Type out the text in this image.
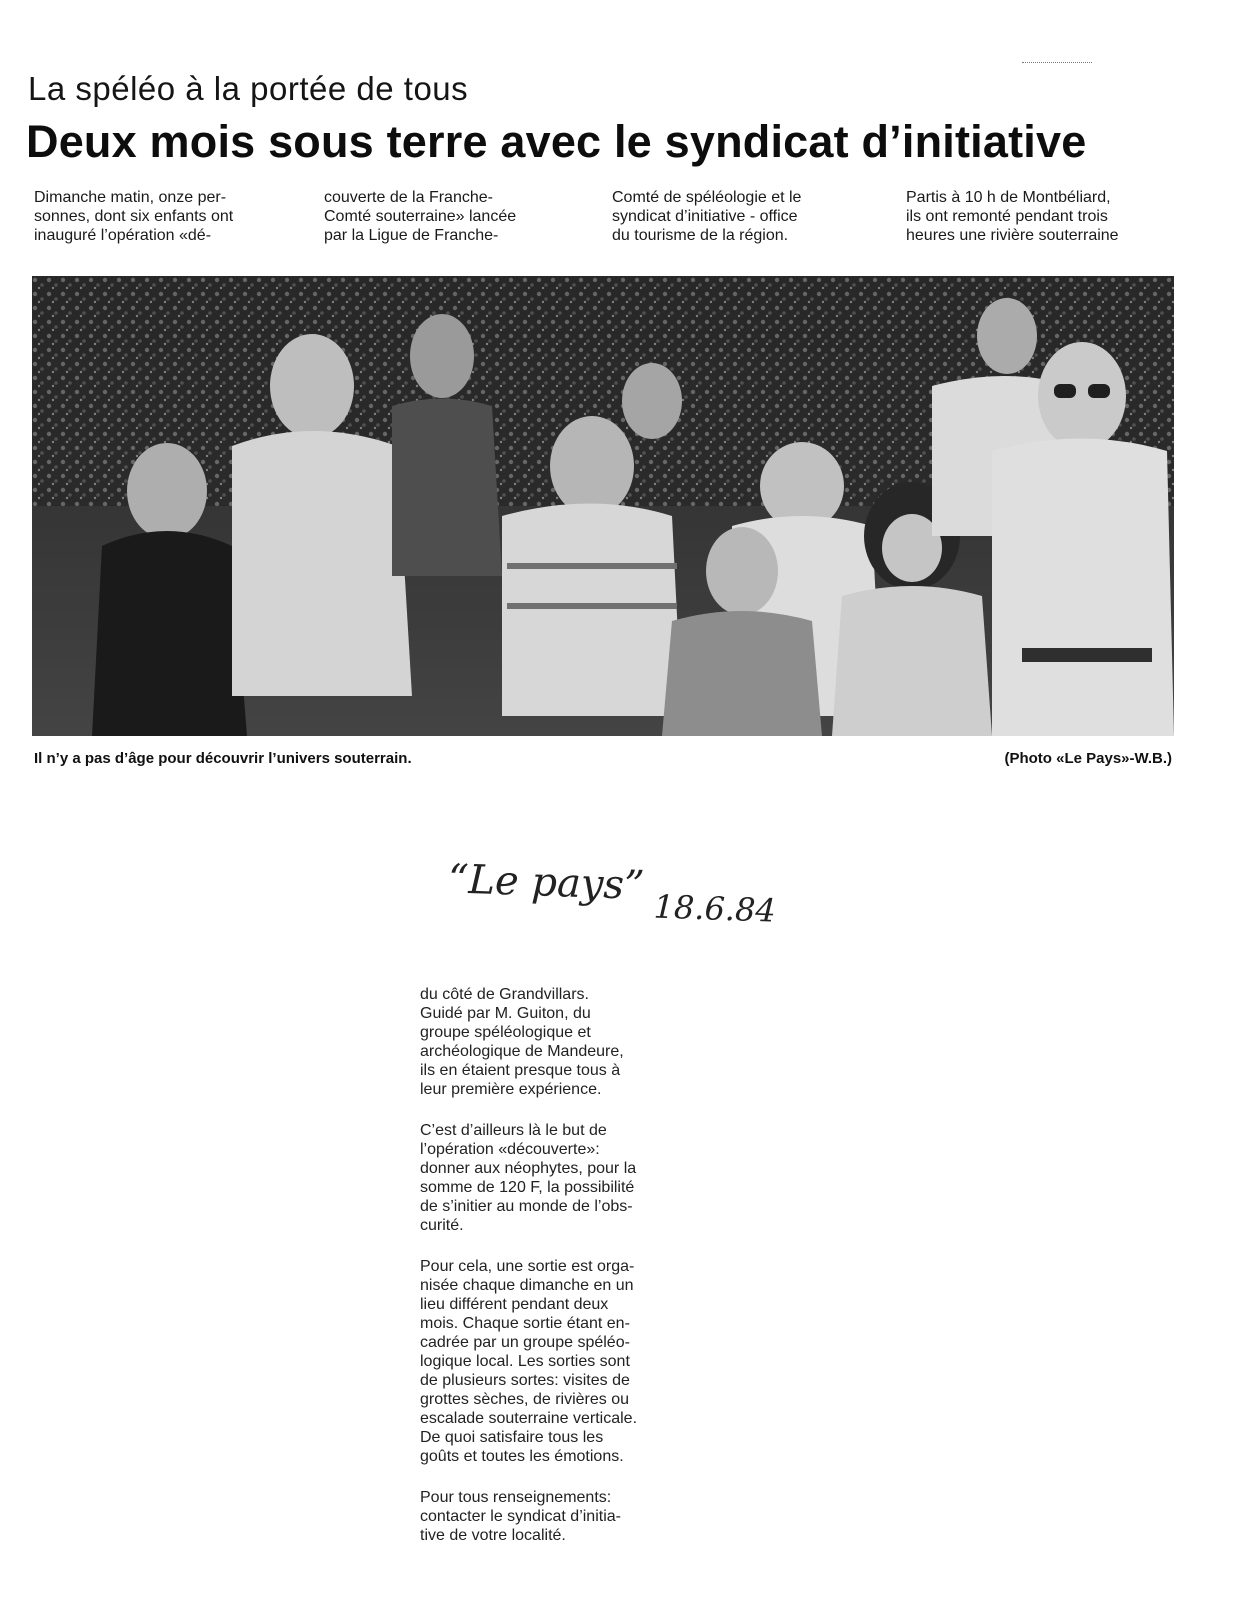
La spéléo à la portée de tous
Deux mois sous terre avec le syndicat d’initiative
Dimanche matin, onze per-
sonnes, dont six enfants ont
inauguré l’opération «dé-
couverte de la Franche-
Comté souterraine» lancée
par la Ligue de Franche-
Comté de spéléologie et le
syndicat d’initiative - office
du tourisme de la région.
Partis à 10 h de Montbéliard,
ils ont remonté pendant trois
heures une rivière souterraine
Il n’y a pas d’âge pour découvrir l’univers souterrain.	(Photo «Le Pays»-W.B.)
“Le pays” $_{18.6.84}$

du côté de Grandvillars.
Guidé par M. Guiton, du
groupe spéléologique et
archéologique de Mandeure,
ils en étaient presque tous à
leur première expérience.

C’est d’ailleurs là le but de
l’opération «découverte»:
donner aux néophytes, pour la
somme de 120 F, la possibilité
de s’initier au monde de l’obs-
curité.

Pour cela, une sortie est orga-
nisée chaque dimanche en un
lieu différent pendant deux
mois. Chaque sortie étant en-
cadrée par un groupe spéléo-
logique local. Les sorties sont
de plusieurs sortes: visites de
grottes sèches, de rivières ou
escalade souterraine verticale.
De quoi satisfaire tous les
goûts et toutes les émotions.

Pour tous renseignements:
contacter le syndicat d’initia-
tive de votre localité.
